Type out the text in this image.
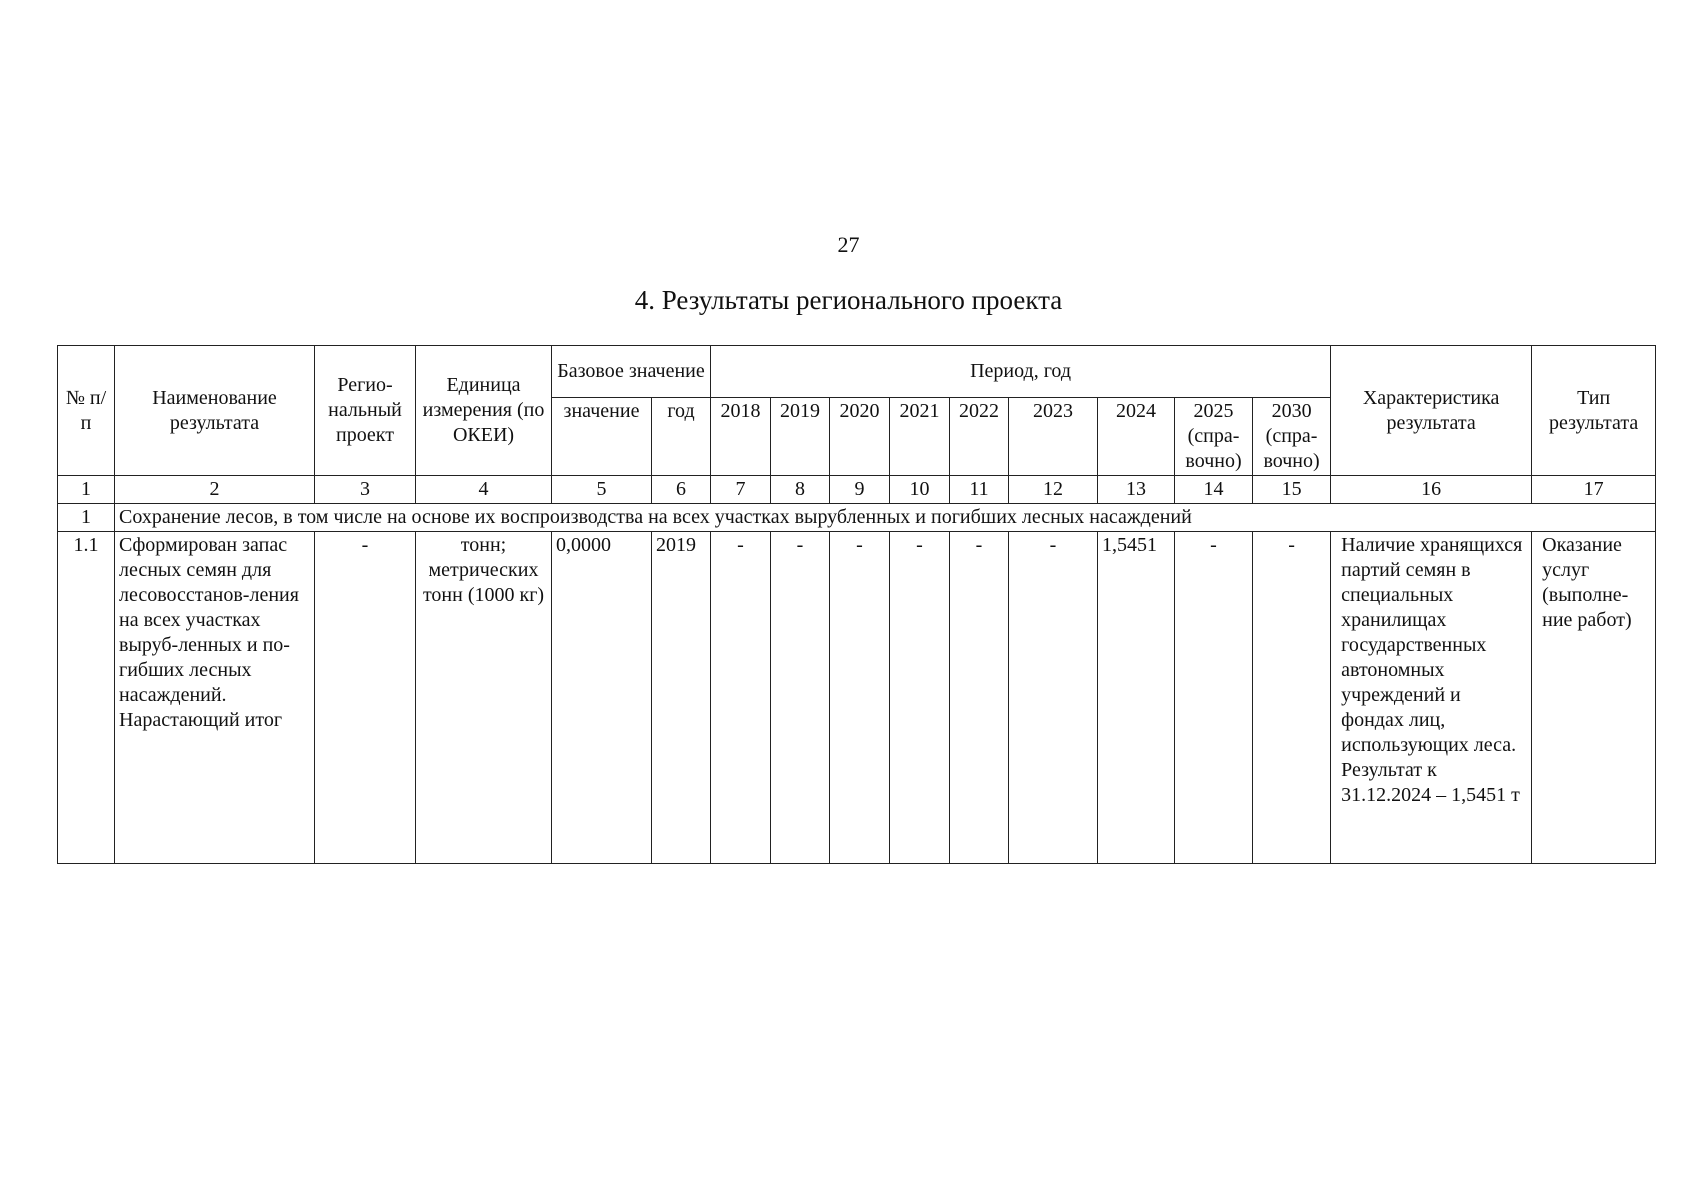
27
4. Результаты регионального проекта
№ п/п	Наименование результата	Регио-нальный проект	Единица измерения (по ОКЕИ)	Базовое значение		Период, год									Характеристика результата	Тип результата
				значение	год	2018	2019	2020	2021	2022	2023	2024	2025 (спра-вочно)	2030 (спра-вочно)		
1	2	3	4	5	6	7	8	9	10	11	12	13	14	15	16	17
1	Сохранение лесов, в том числе на основе их воспроизводства на всех участках вырубленных и погибших лесных насаждений															
1.1	Сформирован запас лесных семян для лесовосстанов-ления на всех участках выруб-ленных и по-гибших лесных насаждений. Нарастающий итог	-	тонн; метрических тонн (1000 кг)	0,0000	2019	-	-	-	-	-	-	1,5451	-	-	Наличие хранящихся партий семян в специальных хранилищах государственных автономных учреждений и фондах лиц, использующих леса. Результат к 31.12.2024 – 1,5451 т	Оказание услуг (выполне-ние работ)
